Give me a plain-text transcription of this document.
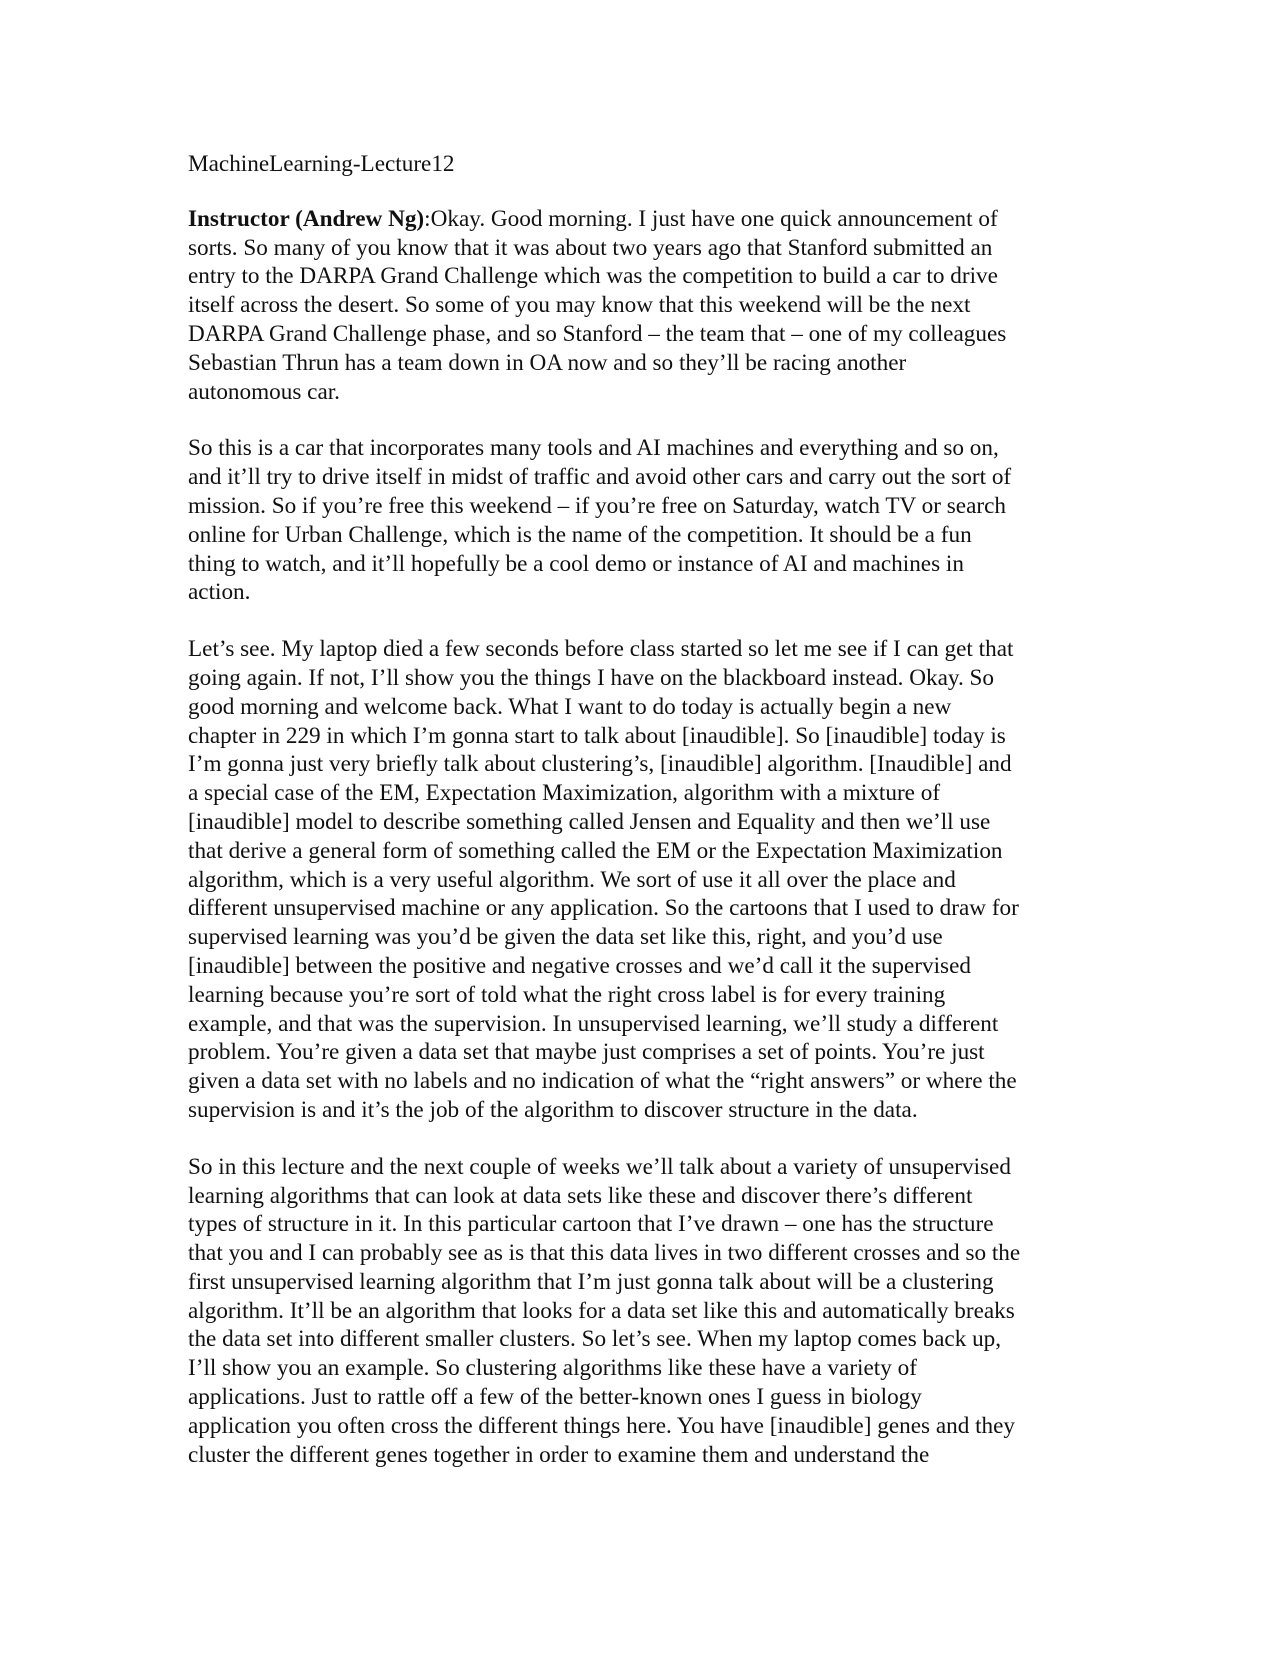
MachineLearning-Lecture12

Instructor (Andrew Ng):Okay. Good morning. I just have one quick announcement of
sorts. So many of you know that it was about two years ago that Stanford submitted an
entry to the DARPA Grand Challenge which was the competition to build a car to drive
itself across the desert. So some of you may know that this weekend will be the next
DARPA Grand Challenge phase, and so Stanford – the team that – one of my colleagues
Sebastian Thrun has a team down in OA now and so they’ll be racing another
autonomous car.

So this is a car that incorporates many tools and AI machines and everything and so on,
and it’ll try to drive itself in midst of traffic and avoid other cars and carry out the sort of
mission. So if you’re free this weekend – if you’re free on Saturday, watch TV or search
online for Urban Challenge, which is the name of the competition. It should be a fun
thing to watch, and it’ll hopefully be a cool demo or instance of AI and machines in
action.

Let’s see. My laptop died a few seconds before class started so let me see if I can get that
going again. If not, I’ll show you the things I have on the blackboard instead. Okay. So
good morning and welcome back. What I want to do today is actually begin a new
chapter in 229 in which I’m gonna start to talk about [inaudible]. So [inaudible] today is
I’m gonna just very briefly talk about clustering’s, [inaudible] algorithm. [Inaudible] and
a special case of the EM, Expectation Maximization, algorithm with a mixture of
[inaudible] model to describe something called Jensen and Equality and then we’ll use
that derive a general form of something called the EM or the Expectation Maximization
algorithm, which is a very useful algorithm. We sort of use it all over the place and
different unsupervised machine or any application. So the cartoons that I used to draw for
supervised learning was you’d be given the data set like this, right, and you’d use
[inaudible] between the positive and negative crosses and we’d call it the supervised
learning because you’re sort of told what the right cross label is for every training
example, and that was the supervision. In unsupervised learning, we’ll study a different
problem. You’re given a data set that maybe just comprises a set of points. You’re just
given a data set with no labels and no indication of what the “right answers” or where the
supervision is and it’s the job of the algorithm to discover structure in the data.

So in this lecture and the next couple of weeks we’ll talk about a variety of unsupervised
learning algorithms that can look at data sets like these and discover there’s different
types of structure in it. In this particular cartoon that I’ve drawn – one has the structure
that you and I can probably see as is that this data lives in two different crosses and so the
first unsupervised learning algorithm that I’m just gonna talk about will be a clustering
algorithm. It’ll be an algorithm that looks for a data set like this and automatically breaks
the data set into different smaller clusters. So let’s see. When my laptop comes back up,
I’ll show you an example. So clustering algorithms like these have a variety of
applications. Just to rattle off a few of the better-known ones I guess in biology
application you often cross the different things here. You have [inaudible] genes and they
cluster the different genes together in order to examine them and understand the
